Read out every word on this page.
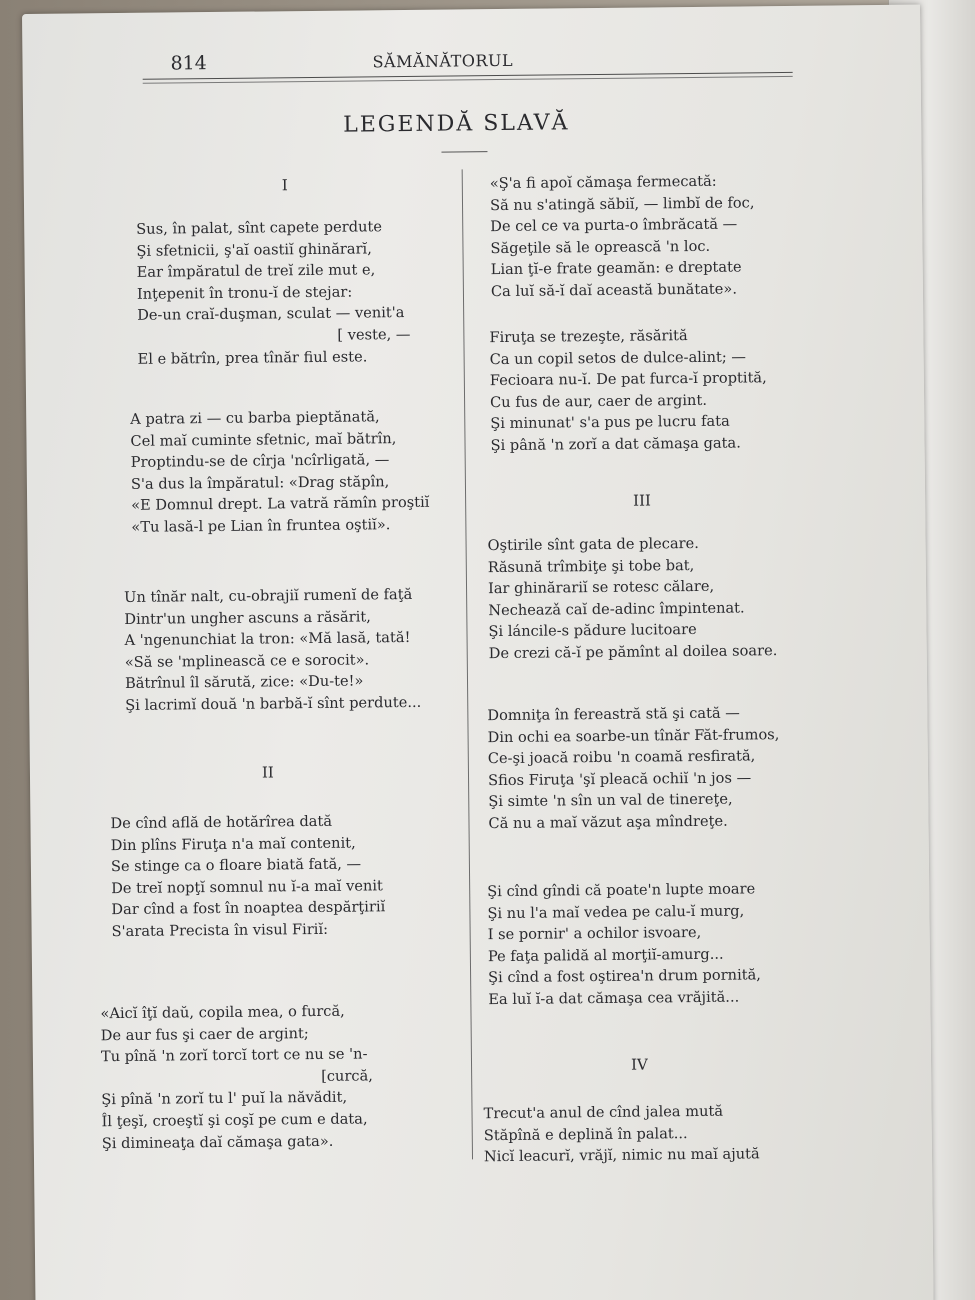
814	SĂMĂNĂTORUL
LEGENDĂ SLAVĂ
I
Sus, în palat, sînt capete perdute
Şi sfetnicii, ş'aĭ oastiĭ ghinărarĭ,
Ear împăratul de treĭ zile mut e,
Inţepenit în tronu-ĭ de stejar:
De-un craĭ-duşman, sculat — venit'a
[ veste, —
El e bătrîn, prea tînăr fiul este.
A patra zi — cu barba pieptănată,
Cel maĭ cuminte sfetnic, maĭ bătrîn,
Proptindu-se de cîrja 'ncîrligată, —
S'a dus la împăratul: «Drag stăpîn,
«E Domnul drept. La vatră rămîn proştiĭ
«Tu lasă-l pe Lian în fruntea oştiĭ».
Un tînăr nalt, cu-obrajiĭ rumenĭ de faţă
Dintr'un ungher ascuns a răsărit,
A 'ngenunchiat la tron: «Mă lasă, tată!
«Să se 'mplinească ce e sorocit».
Bătrînul îl sărută, zice: «Du-te!»
Şi lacrimĭ două 'n barbă-ĭ sînt perdute...
II
De cînd află de hotărîrea dată
Din plîns Firuţa n'a maĭ contenit,
Se stinge ca o floare biată fată, —
De treĭ nopţĭ somnul nu ĭ-a maĭ venit
Dar cînd a fost în noaptea despărţiriĭ
S'arata Precista în visul Firiĭ:
«Aicĭ îţĭ daŭ, copila mea, o furcă,
De aur fus şi caer de argint;
Tu pînă 'n zorĭ torcĭ tort ce nu se 'n-
[curcă,
Şi pînă 'n zorĭ tu l' puĭ la năvădit,
Îl ţeşĭ, croeştĭ şi coşĭ pe cum e data,
Şi dimineaţa daĭ cămaşa gata».
«Ş'a fi apoĭ cămaşa fermecată:
Să nu s'atingă săbiĭ, — limbĭ de foc,
De cel ce va purta-o îmbrăcată —
Săgeţile să le oprească 'n loc.
Lian ţĭ-e frate geamăn: e dreptate
Ca luĭ să-ĭ daĭ această bunătate».
Firuţa se trezeşte, răsărită
Ca un copil setos de dulce-alint; —
Fecioara nu-ĭ. De pat furca-ĭ proptită,
Cu fus de aur, caer de argint.
Şi minunat' s'a pus pe lucru fata
Şi până 'n zorĭ a dat cămaşa gata.
III
Oştirile sînt gata de plecare.
Răsună trîmbiţe şi tobe bat,
Iar ghinărariĭ se rotesc călare,
Necheazǎ caĭ de-adinc împintenat.
Şi láncile-s pădure lucitoare
De crezi că-ĭ pe pămînt al doilea soare.
Domniţa în fereastră stă şi cată —
Din ochi ea soarbe-un tînăr Făt-frumos,
Ce-şi joacă roibu 'n coamă resfirată,
Sfios Firuţa 'şĭ pleacă ochiĭ 'n jos —
Şi simte 'n sîn un val de tinereţe,
Că nu a maĭ văzut aşa mîndreţe.
Şi cînd gîndi că poate'n lupte moare
Şi nu l'a maĭ vedea pe calu-ĭ murg,
I se pornir' a ochilor isvoare,
Pe faţa palidă al morţiĭ-amurg...
Şi cînd a fost oştirea'n drum pornită,
Ea luĭ ĭ-a dat cămaşa cea vrăjită...
IV
Trecut'a anul de cînd jalea mută
Stăpînă e deplină în palat...
Nicĭ leacurĭ, vrăjĭ, nimic nu maĭ ajută
